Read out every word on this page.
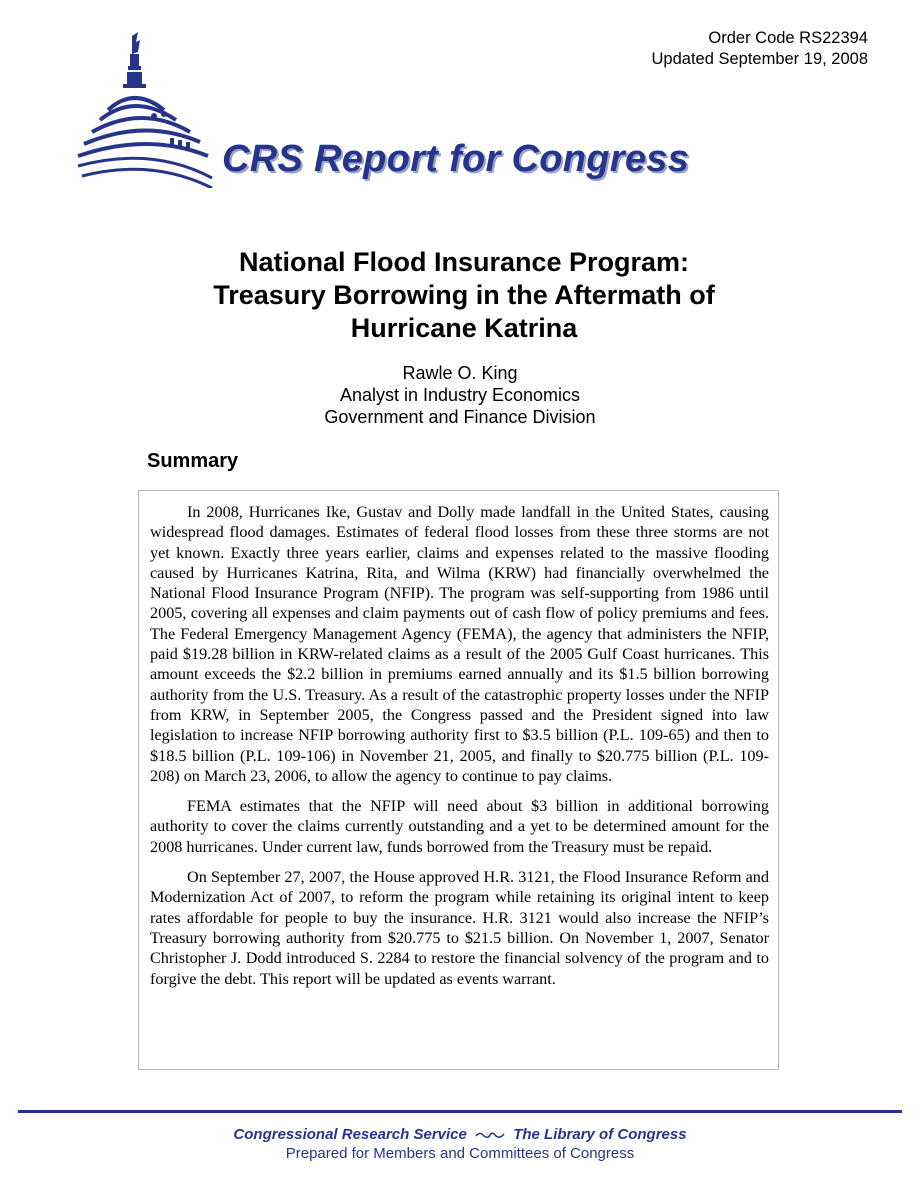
Order Code RS22394
Updated September 19, 2008
CRS Report for Congress
National Flood Insurance Program:
Treasury Borrowing in the Aftermath of
Hurricane Katrina
Rawle O. King
Analyst in Industry Economics
Government and Finance Division
Summary

In 2008, Hurricanes Ike, Gustav and Dolly made landfall in the United States, causing widespread flood damages. Estimates of federal flood losses from these three storms are not yet known. Exactly three years earlier, claims and expenses related to the massive flooding caused by Hurricanes Katrina, Rita, and Wilma (KRW) had financially overwhelmed the National Flood Insurance Program (NFIP). The program was self-supporting from 1986 until 2005, covering all expenses and claim payments out of cash flow of policy premiums and fees. The Federal Emergency Management Agency (FEMA), the agency that administers the NFIP, paid $19.28 billion in KRW-related claims as a result of the 2005 Gulf Coast hurricanes. This amount exceeds the $2.2 billion in premiums earned annually and its $1.5 billion borrowing authority from the U.S. Treasury. As a result of the catastrophic property losses under the NFIP from KRW, in September 2005, the Congress passed and the President signed into law legislation to increase NFIP borrowing authority first to $3.5 billion (P.L. 109-65) and then to $18.5 billion (P.L. 109-106) in November 21, 2005, and finally to $20.775 billion (P.L. 109-208) on March 23, 2006, to allow the agency to continue to pay claims.

FEMA estimates that the NFIP will need about $3 billion in additional borrowing authority to cover the claims currently outstanding and a yet to be determined amount for the 2008 hurricanes. Under current law, funds borrowed from the Treasury must be repaid.

On September 27, 2007, the House approved H.R. 3121, the Flood Insurance Reform and Modernization Act of 2007, to reform the program while retaining its original intent to keep rates affordable for people to buy the insurance. H.R. 3121 would also increase the NFIP’s Treasury borrowing authority from $20.775 to $21.5 billion. On November 1, 2007, Senator Christopher J. Dodd introduced S. 2284 to restore the financial solvency of the program and to forgive the debt. This report will be updated as events warrant.

Congressional Research Service	The Library of Congress
Prepared for Members and Committees of Congress
